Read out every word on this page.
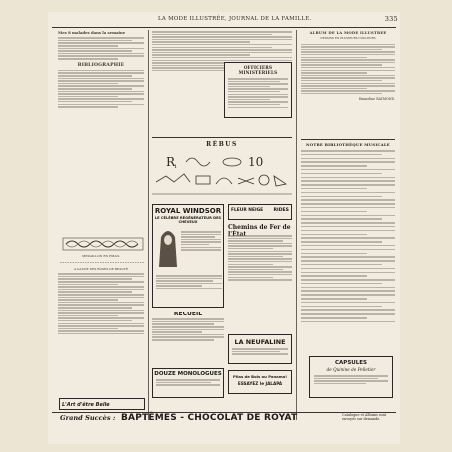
LA MODE ILLUSTRÉE, JOURNAL DE LA FAMILLE.	335
Mes 8 malades dans la semaine
BIBLIOGRAPHIE
MÉDAILLON EN ÉMAIL
A.GAUDE DES ROSES DE BEAUTÉ
L'Art d'être Belle
OFFICIERS MINISTÉRIELS
RÉBUS
R
1	10
ROYAL WINDSOR
LE CÉLÈBRE RÉGÉNÉRATEUR DES CHEVEUX
RECUEIL
DOUZE MONOLOGUES
FLEUR NEIGE RIDES
Chemins de Fer de
LA NEUFALINE
Pilas de Bois ou Panama!
ESSAYEZ le JALAPA
ALBUM DE LA MODE ILLUSTRÉE
DESSINS EN PLUSIEURS COULEURS
Emmeline RAYMOND.
NOTRE BIBLIOTHÈQUE MUSICALE
CAPSULES
de Quinine de Pelletier
Grand Succès : BAPTÊMES - CHOCOLAT DE ROYAT	Catalogue et Albums sont envoyés sur demande.
